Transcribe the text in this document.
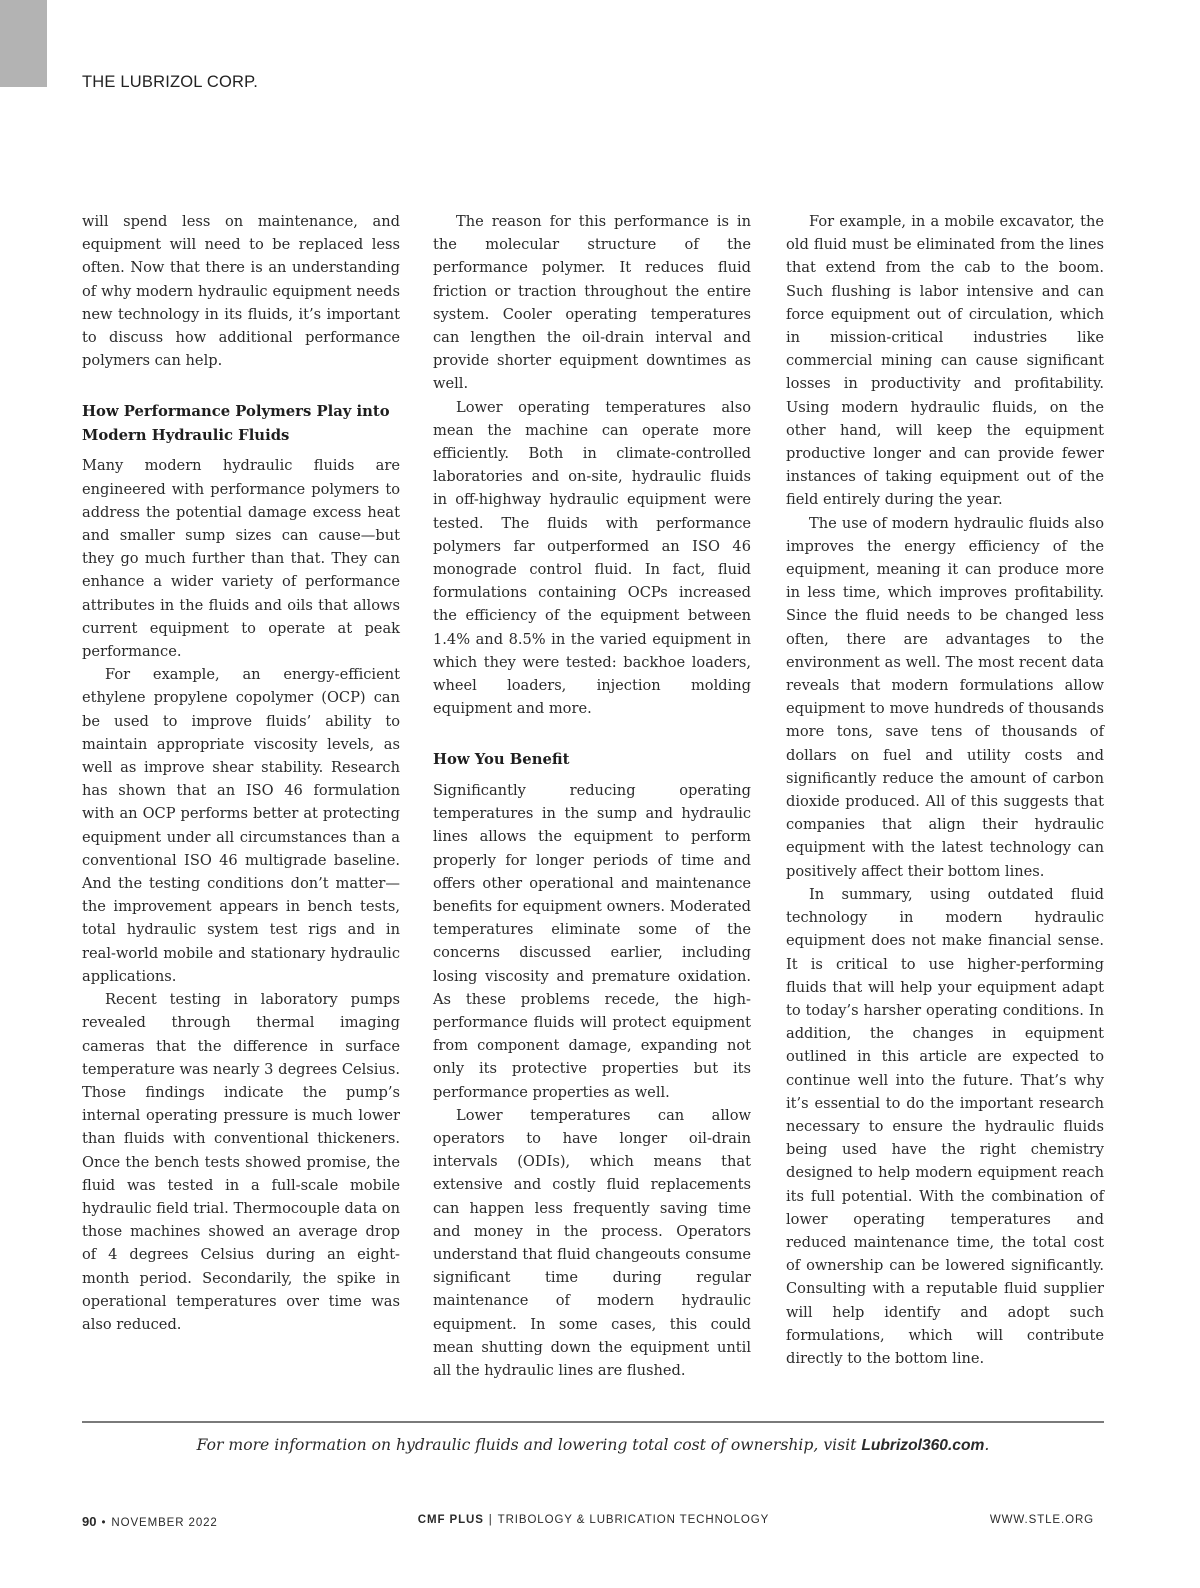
THE LUBRIZOL CORP.

will spend less on maintenance, and equipment will need to be replaced less often. Now that there is an understanding of why modern hydraulic equipment needs new technology in its fluids, it’s important to discuss how additional performance polymers can help.

How Performance Polymers Play into Modern Hydraulic Fluids

Many modern hydraulic fluids are engineered with performance polymers to address the potential damage excess heat and smaller sump sizes can cause—but they go much further than that. They can enhance a wider variety of performance attributes in the fluids and oils that allows current equipment to operate at peak performance.

For example, an energy-efficient ethylene propylene copolymer (OCP) can be used to improve fluids’ ability to maintain appropriate viscosity levels, as well as improve shear stability. Research has shown that an ISO 46 formulation with an OCP performs better at protecting equipment under all circumstances than a conventional ISO 46 multigrade baseline. And the testing conditions don’t matter—the improvement appears in bench tests, total hydraulic system test rigs and in real-world mobile and stationary hydraulic applications.

Recent testing in laboratory pumps revealed through thermal imaging cameras that the difference in surface temperature was nearly 3 degrees Celsius. Those findings indicate the pump’s internal operating pressure is much lower than fluids with conventional thickeners. Once the bench tests showed promise, the fluid was tested in a full-scale mobile hydraulic field trial. Thermocouple data on those machines showed an average drop of 4 degrees Celsius during an eight-month period. Secondarily, the spike in operational temperatures over time was also reduced.

The reason for this performance is in the molecular structure of the performance polymer. It reduces fluid friction or traction throughout the entire system. Cooler operating temperatures can lengthen the oil-drain interval and provide shorter equipment downtimes as well.

Lower operating temperatures also mean the machine can operate more efficiently. Both in climate-controlled laboratories and on-site, hydraulic fluids in off-highway hydraulic equipment were tested. The fluids with performance polymers far outperformed an ISO 46 monograde control fluid. In fact, fluid formulations containing OCPs increased the efficiency of the equipment between 1.4% and 8.5% in the varied equipment in which they were tested: backhoe loaders, wheel loaders, injection molding equipment and more.

How You Benefit

Significantly reducing operating temperatures in the sump and hydraulic lines allows the equipment to perform properly for longer periods of time and offers other operational and maintenance benefits for equipment owners. Moderated temperatures eliminate some of the concerns discussed earlier, including losing viscosity and premature oxidation. As these problems recede, the high-performance fluids will protect equipment from component damage, expanding not only its protective properties but its performance properties as well.

Lower temperatures can allow operators to have longer oil-drain intervals (ODIs), which means that extensive and costly fluid replacements can happen less frequently saving time and money in the process. Operators understand that fluid changeouts consume significant time during regular maintenance of modern hydraulic equipment. In some cases, this could mean shutting down the equipment until all the hydraulic lines are flushed.

For example, in a mobile excavator, the old fluid must be eliminated from the lines that extend from the cab to the boom. Such flushing is labor intensive and can force equipment out of circulation, which in mission-critical industries like commercial mining can cause significant losses in productivity and profitability. Using modern hydraulic fluids, on the other hand, will keep the equipment productive longer and can provide fewer instances of taking equipment out of the field entirely during the year.

The use of modern hydraulic fluids also improves the energy efficiency of the equipment, meaning it can produce more in less time, which improves profitability. Since the fluid needs to be changed less often, there are advantages to the environment as well. The most recent data reveals that modern formulations allow equipment to move hundreds of thousands more tons, save tens of thousands of dollars on fuel and utility costs and significantly reduce the amount of carbon dioxide produced. All of this suggests that companies that align their hydraulic equipment with the latest technology can positively affect their bottom lines.

In summary, using outdated fluid technology in modern hydraulic equipment does not make financial sense. It is critical to use higher-performing fluids that will help your equipment adapt to today’s harsher operating conditions. In addition, the changes in equipment outlined in this article are expected to continue well into the future. That’s why it’s essential to do the important research necessary to ensure the hydraulic fluids being used have the right chemistry designed to help modern equipment reach its full potential. With the combination of lower operating temperatures and reduced maintenance time, the total cost of ownership can be lowered significantly. Consulting with a reputable fluid supplier will help identify and adopt such formulations, which will contribute directly to the bottom line.

For more information on hydraulic fluids and lowering total cost of ownership, visit Lubrizol360.com.
90 • NOVEMBER 2022	CMF PLUS | TRIBOLOGY & LUBRICATION TECHNOLOGY	WWW.STLE.ORG
